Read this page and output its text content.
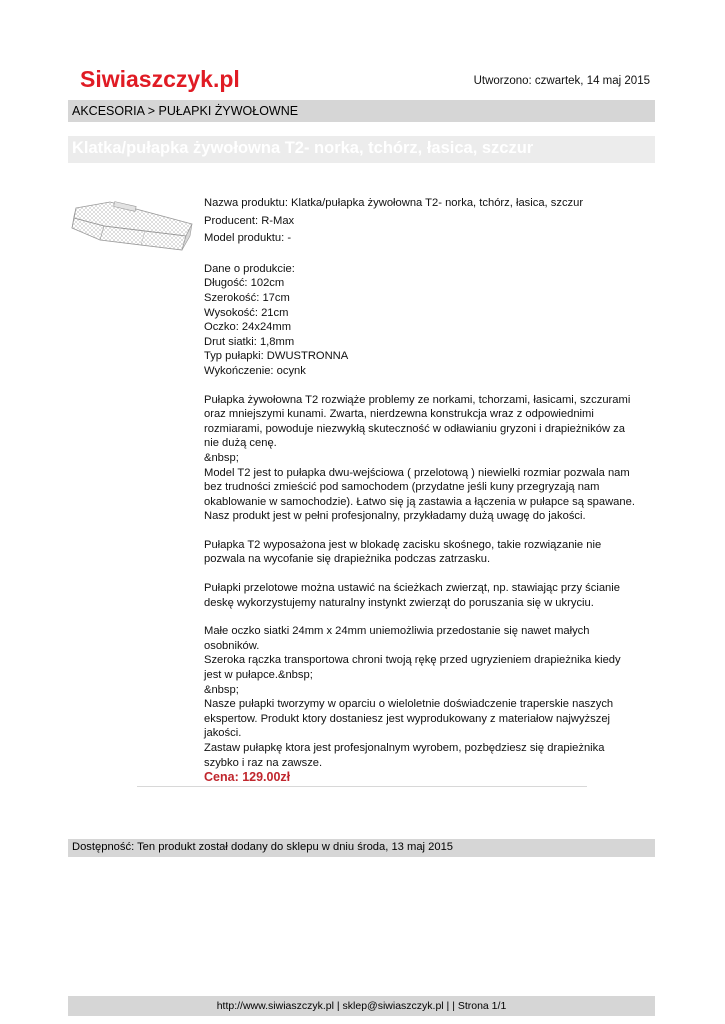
Siwiaszczyk.pl	Utworzono: czwartek, 14 maj 2015
AKCESORIA > PUŁAPKI ŻYWOŁOWNE
Klatka/pułapka żywołowna T2- norka, tchórz, łasica, szczur

Nazwa produktu: Klatka/pułapka żywołowna T2- norka, tchórz, łasica, szczur

Producent: R-Max

Model produktu: -

Dane o produkcie:

Długość: 102cm

Szerokość: 17cm

Wysokość: 21cm

Oczko: 24x24mm

Drut siatki: 1,8mm

Typ pułapki: DWUSTRONNA

Wykończenie: ocynk

Pułapka żywołowna T2 rozwiąże problemy ze norkami, tchorzami, łasicami, szczurami

oraz mniejszymi kunami. Zwarta, nierdzewna konstrukcja wraz z odpowiednimi

rozmiarami, powoduje niezwykłą skuteczność w odławianiu gryzoni i drapieżników za

nie dużą cenę.

&nbsp;

Model T2 jest to pułapka dwu-wejściowa ( przelotową ) niewielki rozmiar pozwala nam

bez trudności zmieścić pod samochodem (przydatne jeśli kuny przegryzają nam

okablowanie w samochodzie). Łatwo się ją zastawia a łączenia w pułapce są spawane.

Nasz produkt jest w pełni profesjonalny, przykładamy dużą uwagę do jakości.

Pułapka T2 wyposażona jest w blokadę zacisku skośnego, takie rozwiązanie nie

pozwala na wycofanie się drapieżnika podczas zatrzasku.

Pułapki przelotowe można ustawić na ścieżkach zwierząt, np. stawiając przy ścianie

deskę wykorzystujemy naturalny instynkt zwierząt do poruszania się w ukryciu.

Małe oczko siatki 24mm x 24mm uniemożliwia przedostanie się nawet małych

osobników.

Szeroka rączka transportowa chroni twoją rękę przed ugryzieniem drapieżnika kiedy

jest w pułapce.&nbsp;

&nbsp;

Nasze pułapki tworzymy w oparciu o wieloletnie doświadczenie traperskie naszych

ekspertow. Produkt ktory dostaniesz jest wyprodukowany z materiałow najwyższej

jakości.

Zastaw pułapkę ktora jest profesjonalnym wyrobem, pozbędziesz się drapieżnika

szybko i raz na zawsze.

Cena: 129.00zł

Dostępność: Ten produkt został dodany do sklepu w dniu środa, 13 maj 2015
http://www.siwiaszczyk.pl | sklep@siwiaszczyk.pl | | Strona 1/1
